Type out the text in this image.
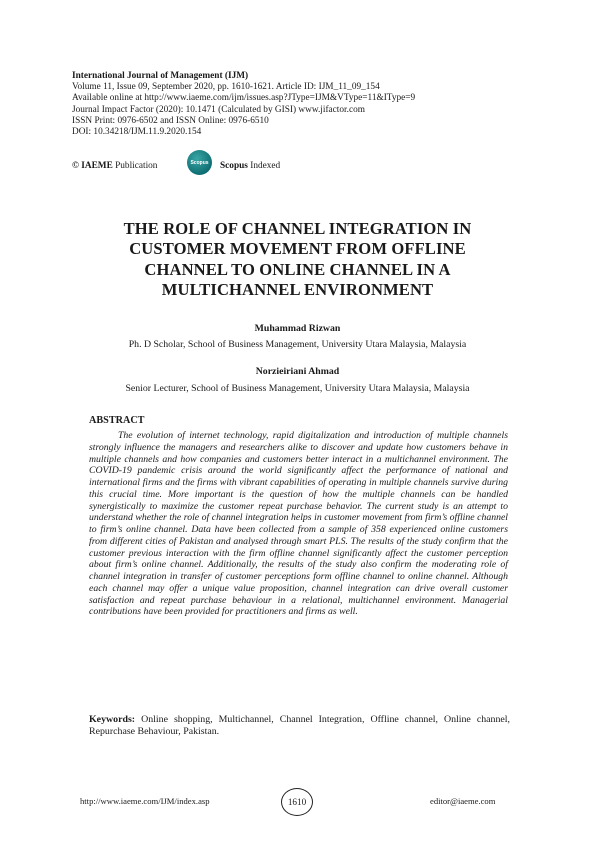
International Journal of Management (IJM)
Volume 11, Issue 09, September 2020, pp. 1610-1621. Article ID: IJM_11_09_154
Available online at http://www.iaeme.com/ijm/issues.asp?JType=IJM&VType=11&IType=9
Journal Impact Factor (2020): 10.1471 (Calculated by GISI) www.jifactor.com
ISSN Print: 0976-6502 and ISSN Online: 0976-6510
DOI: 10.34218/IJM.11.9.2020.154
© IAEME Publication	Scopus Scopus Indexed
THE ROLE OF CHANNEL INTEGRATION IN
CUSTOMER MOVEMENT FROM OFFLINE
CHANNEL TO ONLINE CHANNEL IN A
MULTICHANNEL ENVIRONMENT
Muhammad Rizwan
Ph. D Scholar, School of Business Management, University Utara Malaysia, Malaysia
Norzieiriani Ahmad
Senior Lecturer, School of Business Management, University Utara Malaysia, Malaysia
ABSTRACT
The evolution of internet technology, rapid digitalization and introduction of multiple channels strongly influence the managers and researchers alike to discover and update how customers behave in multiple channels and how companies and customers better interact in a multichannel environment. The COVID-19 pandemic crisis around the world significantly affect the performance of national and international firms and the firms with vibrant capabilities of operating in multiple channels survive during this crucial time. More important is the question of how the multiple channels can be handled synergistically to maximize the customer repeat purchase behavior. The current study is an attempt to understand whether the role of channel integration helps in customer movement from firm’s offline channel to firm’s online channel. Data have been collected from a sample of 358 experienced online customers from different cities of Pakistan and analysed through smart PLS. The results of the study confirm that the customer previous interaction with the firm offline channel significantly affect the customer perception about firm’s online channel. Additionally, the results of the study also confirm the moderating role of channel integration in transfer of customer perceptions form offline channel to online channel. Although each channel may offer a unique value proposition, channel integration can drive overall customer satisfaction and repeat purchase behaviour in a relational, multichannel environment. Managerial contributions have been provided for practitioners and firms as well.
Keywords: Online shopping, Multichannel, Channel Integration, Offline channel, Online channel, Repurchase Behaviour, Pakistan.
http://www.iaeme.com/IJM/index.asp	1610	editor@iaeme.com
